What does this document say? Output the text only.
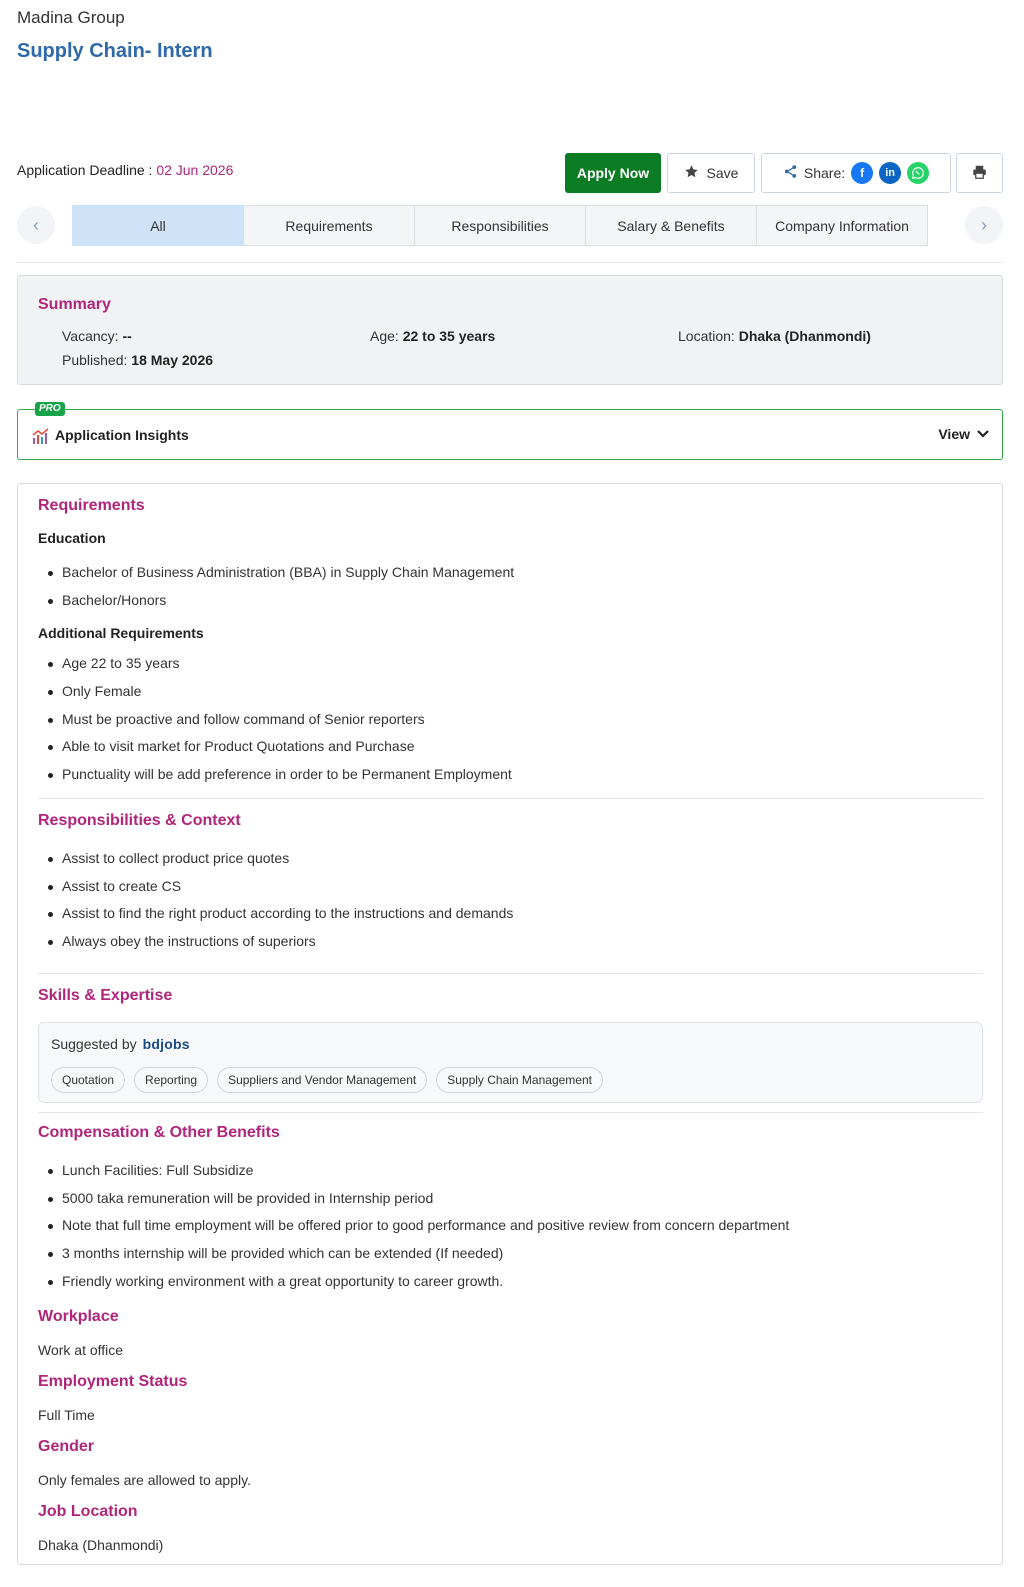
Madina Group
Supply Chain- Intern
Application Deadline : 02 Jun 2026	Apply Now	Save	Share:	f	in
‹	All	Requirements	Responsibilities	Salary & Benefits	Company Information	›
Summary
Vacancy: --	Age: 22 to 35 years	Location: Dhaka (Dhanmondi)
Published: 18 May 2026
PRO
Application Insights	View
Requirements
Education
Bachelor of Business Administration (BBA) in Supply Chain Management
Bachelor/Honors
Additional Requirements
Age 22 to 35 years
Only Female
Must be proactive and follow command of Senior reporters
Able to visit market for Product Quotations and Purchase
Punctuality will be add preference in order to be Permanent Employment
Responsibilities & Context
Assist to collect product price quotes
Assist to create CS
Assist to find the right product according to the instructions and demands
Always obey the instructions of superiors
Skills & Expertise
Suggested by bdjobs
Quotation	Reporting	Suppliers and Vendor Management	Supply Chain Management
Compensation & Other Benefits
Lunch Facilities: Full Subsidize
5000 taka remuneration will be provided in Internship period
Note that full time employment will be offered prior to good performance and positive review from concern department
3 months internship will be provided which can be extended (If needed)
Friendly working environment with a great opportunity to career growth.
Workplace
Work at office
Employment Status
Full Time
Gender
Only females are allowed to apply.
Job Location
Dhaka (Dhanmondi)
